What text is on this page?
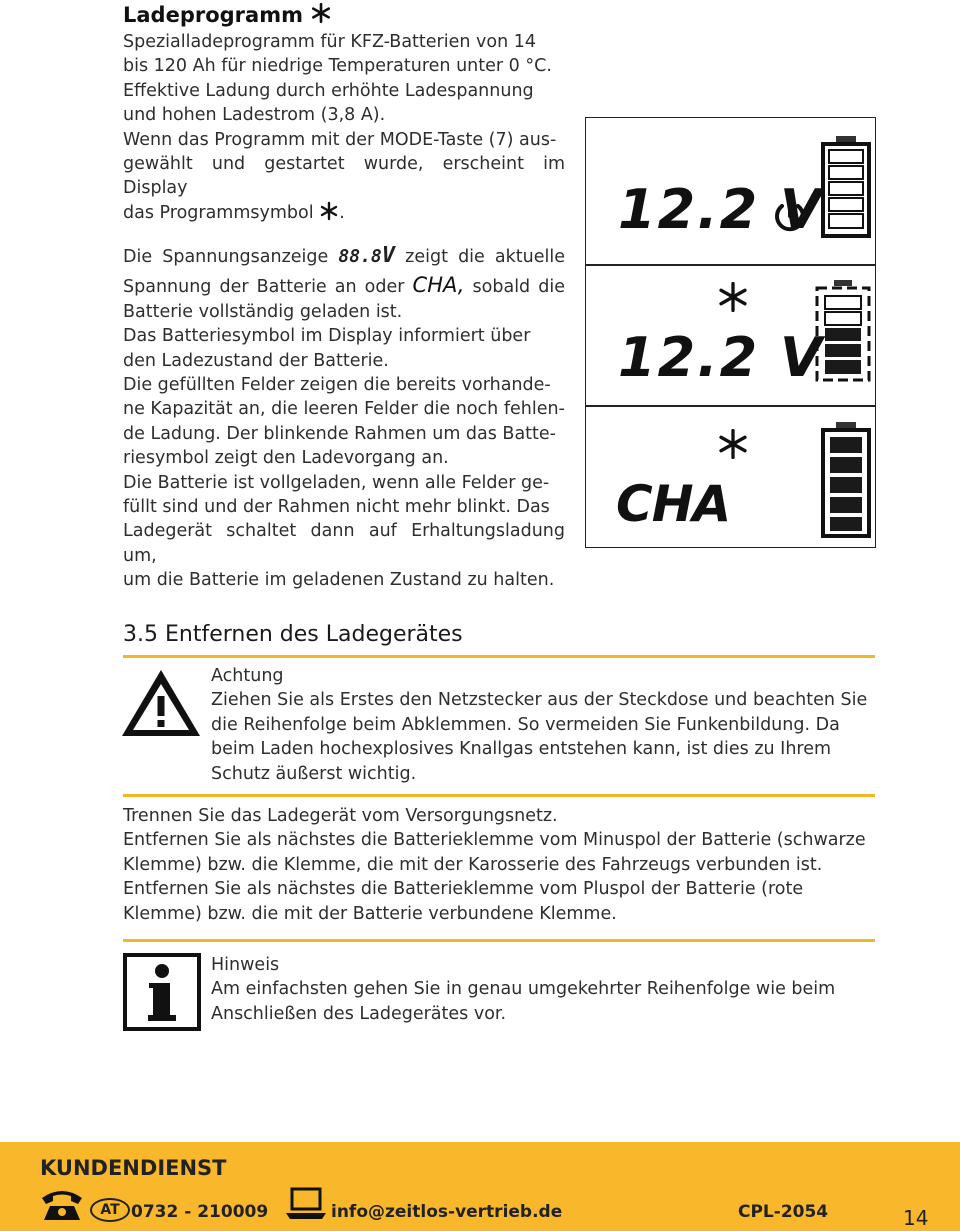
Ladeprogramm
Spezialladeprogramm für KFZ-Batterien von 14
bis 120 Ah für niedrige Temperaturen unter 0 °C.
Effektive Ladung durch erhöhte Ladespannung
und hohen Ladestrom (3,8 A).
Wenn das Programm mit der MODE-Taste (7) aus-
gewählt und gestartet wurde, erscheint im Display
das Programmsymbol .
Die Spannungsanzeige 88.8V zeigt die aktuelle
Spannung der Batterie an oder CHA, sobald die
Batterie vollständig geladen ist.
Das Batteriesymbol im Display informiert über
den Ladezustand der Batterie.
Die gefüllten Felder zeigen die bereits vorhande-
ne Kapazität an, die leeren Felder die noch fehlen-
de Ladung. Der blinkende Rahmen um das Batte-
riesymbol zeigt den Ladevorgang an.
Die Batterie ist vollgeladen, wenn alle Felder ge-
füllt sind und der Rahmen nicht mehr blinkt. Das
Ladegerät schaltet dann auf Erhaltungsladung um,
um die Batterie im geladenen Zustand zu halten.
12.2 V
12.2 V
CHA
3.5 Entfernen des Ladegerätes
Achtung
Ziehen Sie als Erstes den Netzstecker aus der Steckdose und beachten Sie
die Reihenfolge beim Abklemmen. So vermeiden Sie Funkenbildung. Da
beim Laden hochexplosives Knallgas entstehen kann, ist dies zu Ihrem
Schutz äußerst wichtig.
Trennen Sie das Ladegerät vom Versorgungsnetz.
Entfernen Sie als nächstes die Batterieklemme vom Minuspol der Batterie (schwarze
Klemme) bzw. die Klemme, die mit der Karosserie des Fahrzeugs verbunden ist.
Entfernen Sie als nächstes die Batterieklemme vom Pluspol der Batterie (rote
Klemme) bzw. die mit der Batterie verbundene Klemme.
Hinweis
Am einfachsten gehen Sie in genau umgekehrter Reihenfolge wie beim
Anschließen des Ladegerätes vor.
KUNDENDIENST
AT 0732 - 210009	info@zeitlos-vertrieb.de	CPL-2054	14
